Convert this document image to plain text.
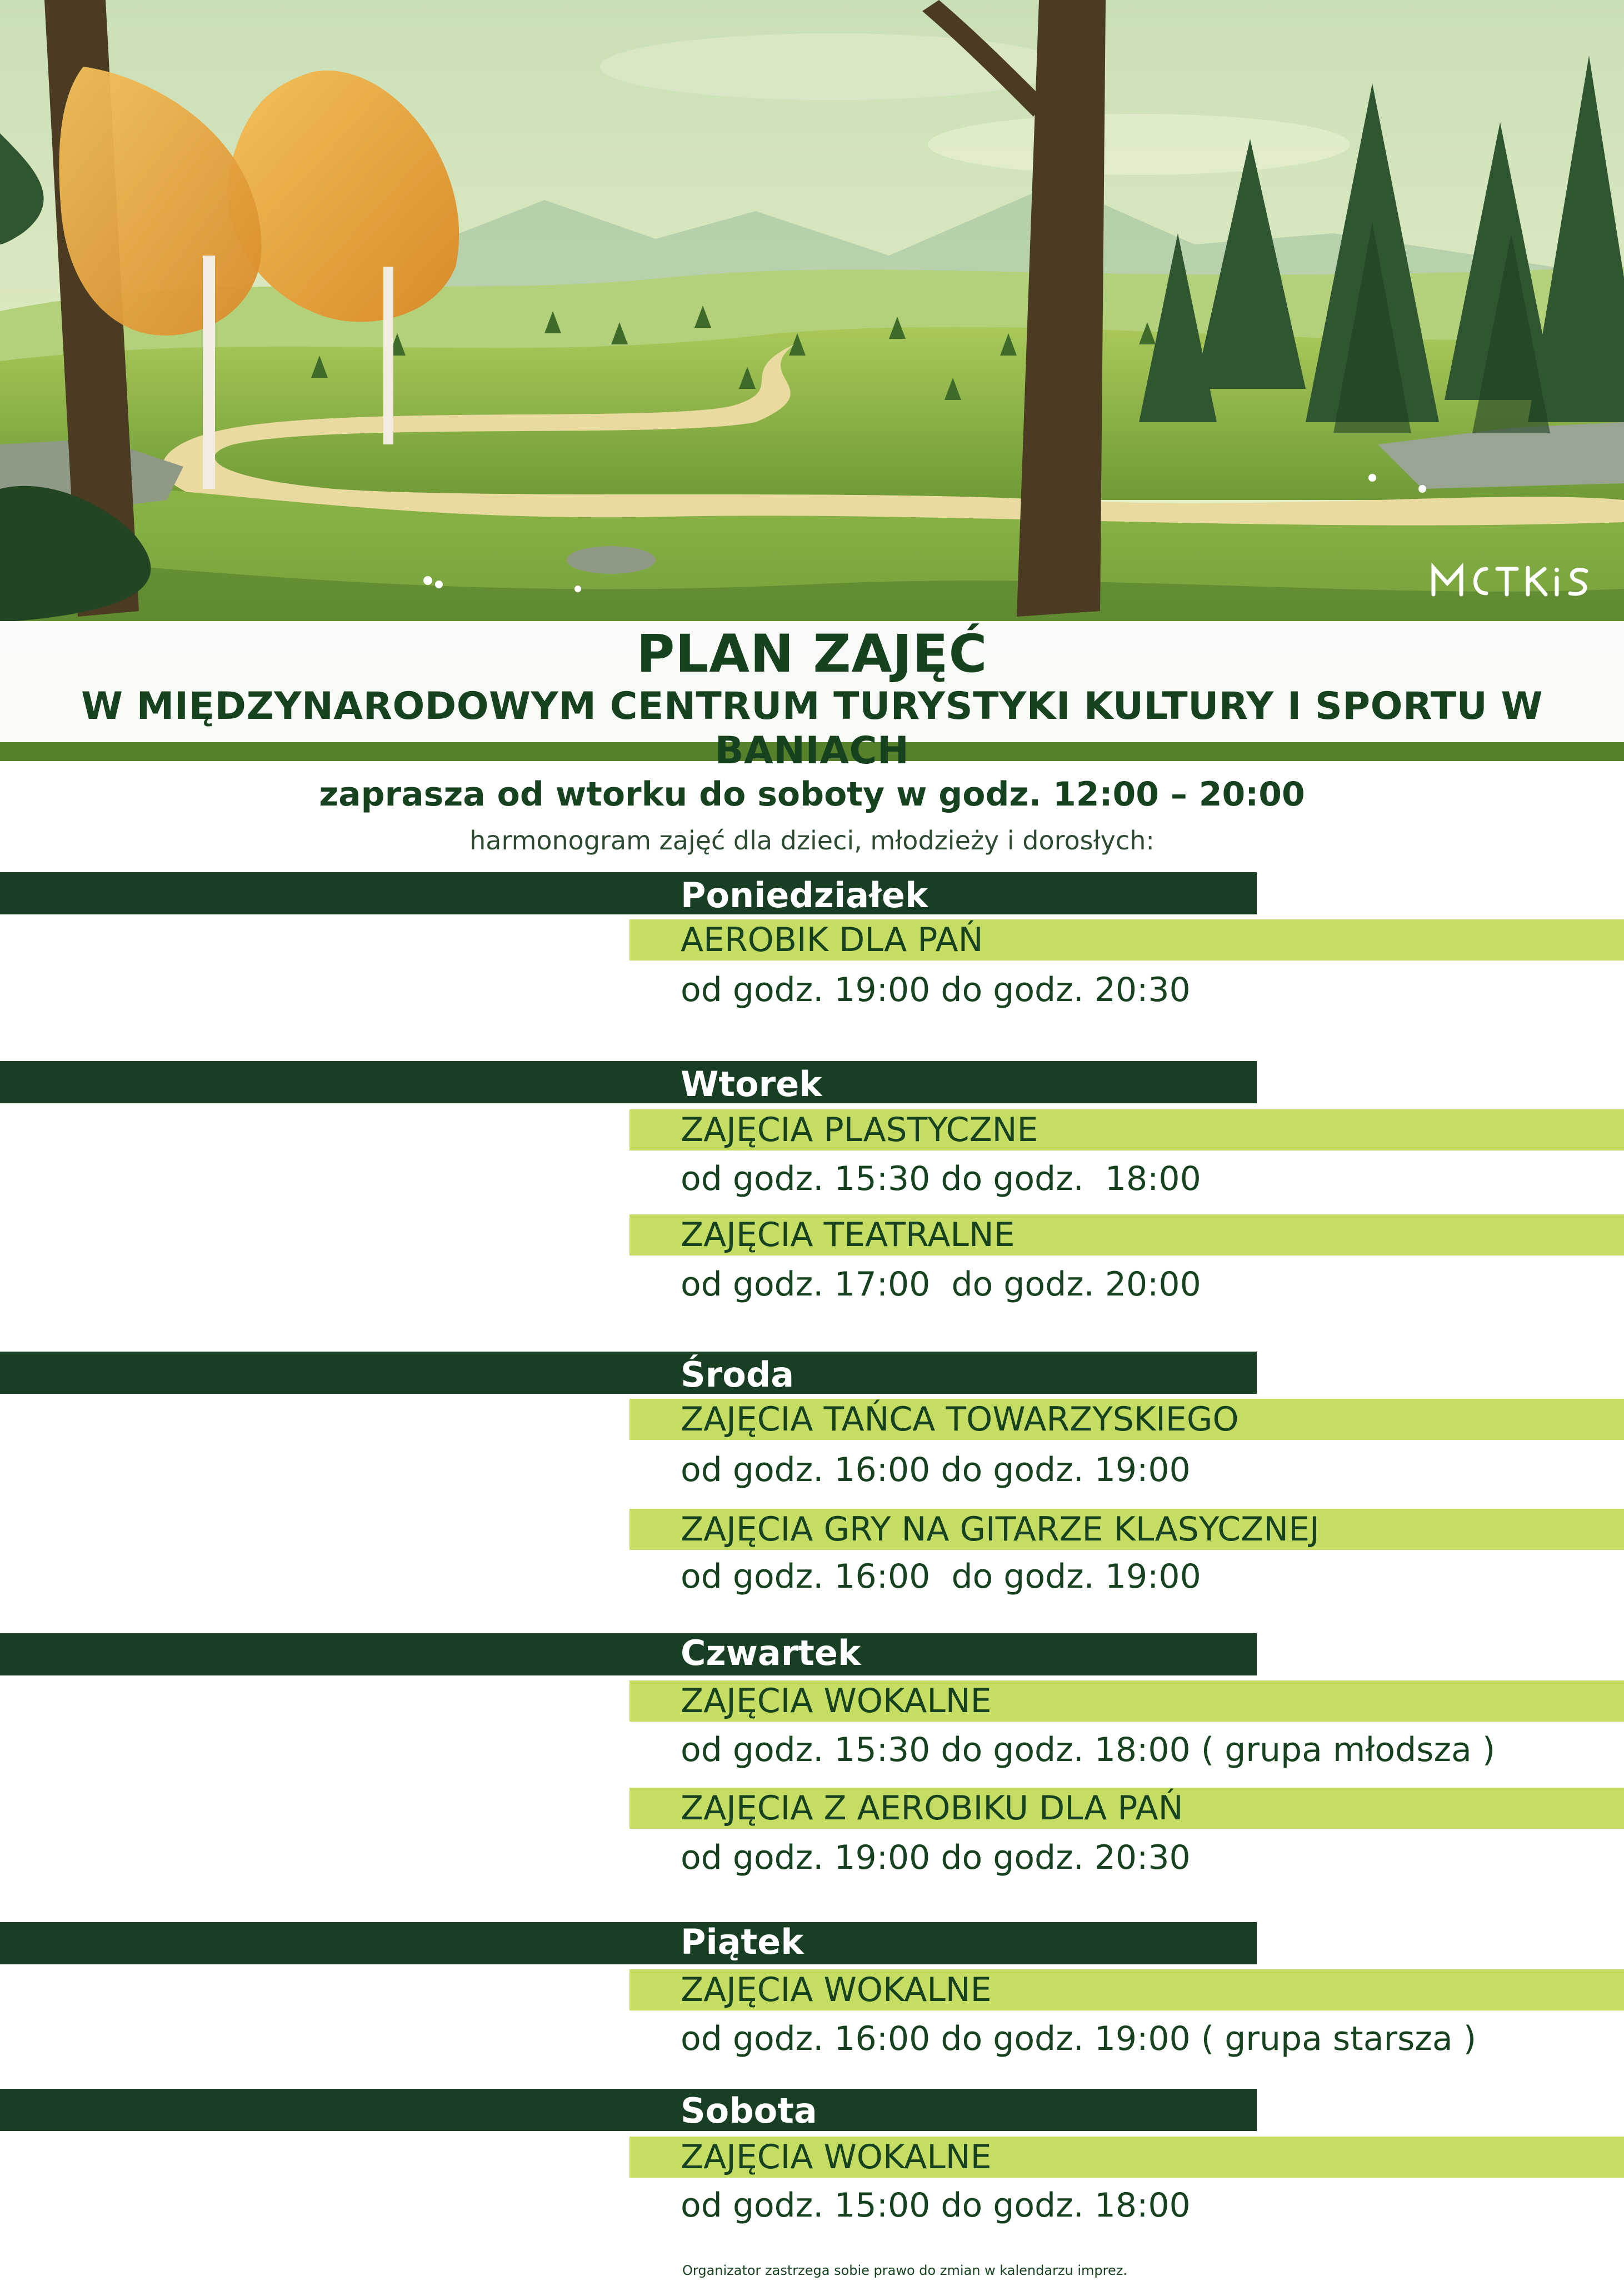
PLAN ZAJĘĆ
W MIĘDZYNARODOWYM CENTRUM TURYSTYKI KULTURY I SPORTU W BANIACH
zaprasza od wtorku do soboty w godz. 12:00 – 20:00
harmonogram zajęć dla dzieci, młodzieży i dorosłych:
Poniedziałek
AEROBIK DLA PAŃ
od godz. 19:00 do godz. 20:30
Wtorek
ZAJĘCIA PLASTYCZNE
od godz. 15:30 do godz.  18:00
ZAJĘCIA TEATRALNE
od godz. 17:00  do godz. 20:00
Środa
ZAJĘCIA TAŃCA TOWARZYSKIEGO
od godz. 16:00 do godz. 19:00
ZAJĘCIA GRY NA GITARZE KLASYCZNEJ
od godz. 16:00  do godz. 19:00
Czwartek
ZAJĘCIA WOKALNE
od godz. 15:30 do godz. 18:00 ( grupa młodsza )
ZAJĘCIA Z AEROBIKU DLA PAŃ
od godz. 19:00 do godz. 20:30
Piątek
ZAJĘCIA WOKALNE
od godz. 16:00 do godz. 19:00 ( grupa starsza )
Sobota
ZAJĘCIA WOKALNE
od godz. 15:00 do godz. 18:00
Organizator zastrzega sobie prawo do zmian w kalendarzu imprez.
